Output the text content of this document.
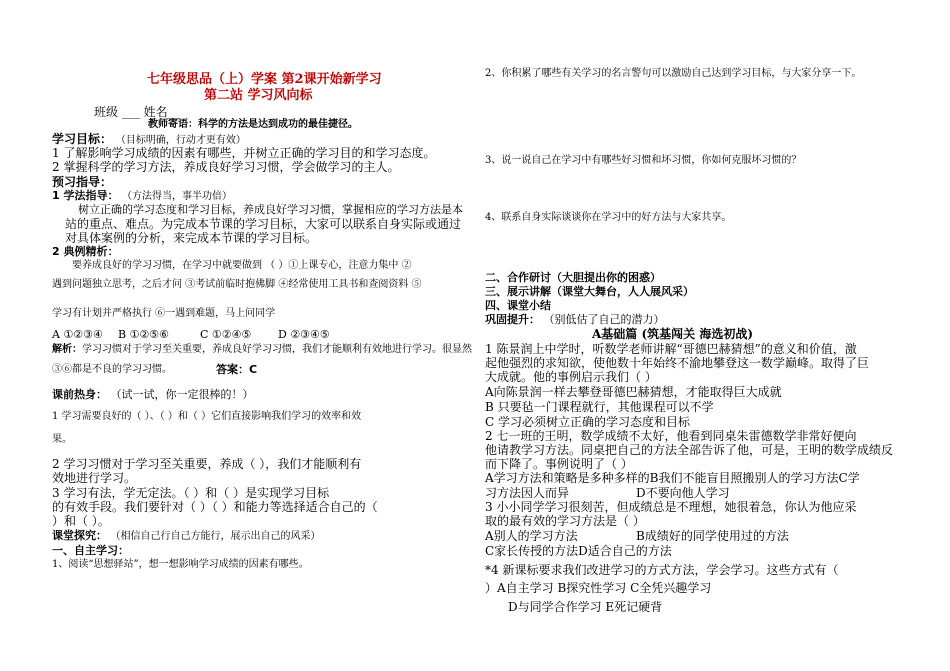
七年级思品（上）学案 第2课开始新学习
第二站 学习风向标
班级 ___ 姓名__
教师寄语：科学的方法是达到成功的最佳捷径。
学习目标： （目标明确，行动才更有效）
1 了解影响学习成绩的因素有哪些，并树立正确的学习目的和学习态度。
2 掌握科学的学习方法，养成良好学习习惯，学会做学习的主人。
预习指导：
1 学法指导： （方法得当，事半功倍）
树立正确的学习态度和学习目标，养成良好学习习惯，掌握相应的学习方法是本
站的重点、难点。为完成本节课的学习目标，大家可以联系自身实际或通过
对具体案例的分析，来完成本节课的学习目标。
2 典例精析：
要养成良好的学习习惯，在学习中就要做到 （ ）①上课专心，注意力集中 ②
遇到问题独立思考，之后才问 ③考试前临时抱佛脚 ④经常使用工具书和查阅资料 ⑤
学习有计划并严格执行 ⑥一遇到难题，马上问同学
A ①②③④ B ①②⑤⑥	C ①②④⑤ D ②③④⑤
解析：学习习惯对于学习至关重要，养成良好学习习惯，我们才能顺利有效地进行学习。很显然
③⑥都是不良的学习习惯。	答案：C
课前热身： （试一试，你一定很棒的！）
1 学习需要良好的（ ）、（ ）和（ ）它们直接影响我们学习的效率和效
果。
2 学习习惯对于学习至关重要，养成（ ），我们才能顺利有
效地进行学习。
3 学习有法，学无定法。（ ）和（ ）是实现学习目标
的有效手段。我们要针对（ ）（ ）和能力等选择适合自己的（
）和（ ）。
课堂探究： （相信自己行自己方能行，展示出自己的风采）
一、自主学习：
1、阅读“思想驿站”，想一想影响学习成绩的因素有哪些。
2、你积累了哪些有关学习的名言警句可以激励自己达到学习目标，与大家分享一下。
3、说一说自己在学习中有哪些好习惯和坏习惯，你如何克服坏习惯的？
4、联系自身实际谈谈你在学习中的好方法与大家共享。
二、合作研讨（大胆提出你的困惑）
三、展示讲解（课堂大舞台，人人展风采）
四、课堂小结
巩固提升： （别低估了自己的潜力）
A基础篇 (筑基闯关 海选初战)
1 陈景润上中学时，听数学老师讲解“哥德巴赫猜想”的意义和价值，激
起他强烈的求知欲，使他数十年始终不渝地攀登这一数学巅峰。取得了巨
大成就。他的事例启示我们（ ）
A向陈景润一样去攀登哥德巴赫猜想，才能取得巨大成就
B 只要毡一门课程就行，其他课程可以不学
C 学习必须树立正确的学习态度和目标
2 七一班的王明，数学成绩不太好，他看到同桌朱雷德数学非常好便向
他请教学习方法。同桌把自己的方法全部告诉了他，可是，王明的数学成绩反
而下降了。事例说明了（ ）
A学习方法和策略是多种多样的B我们不能盲目照搬别人的学习方法C学
习方法因人而异	D不要向他人学习
3 小小同学学习很刻苦，但成绩总是不理想，她很着急，你认为他应采
取的最有效的学习方法是（ ）
A别人的学习方法	B成绩好的同学使用过的方法
C家长传授的方法D适合自己的方法
*4 新课标要求我们改进学习的方式方法，学会学习。这些方式有（
）A自主学习 B探究性学习 C全凭兴趣学习
D与同学合作学习 E死记硬背
